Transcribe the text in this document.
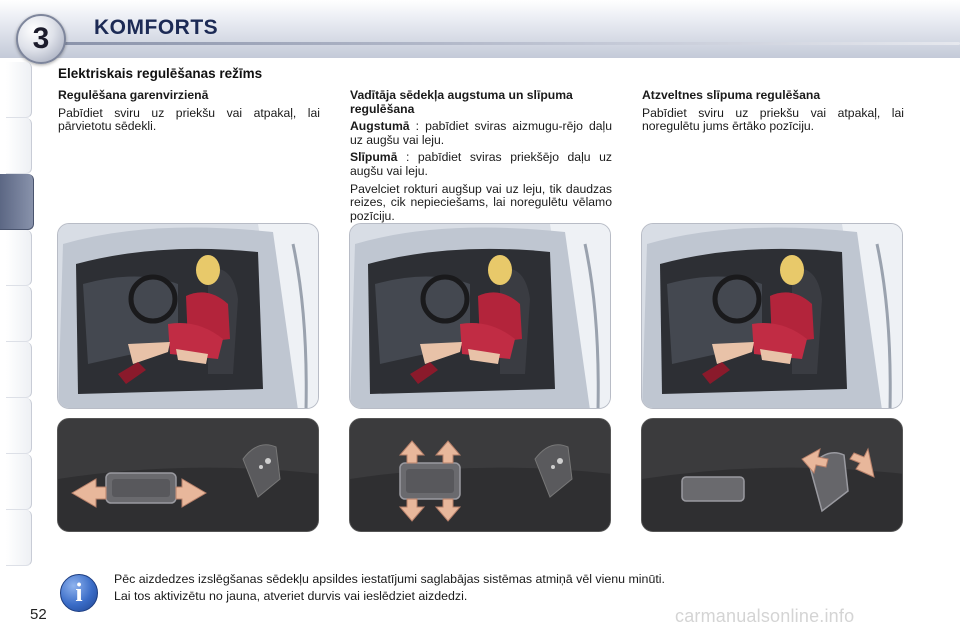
3	KOMFORTS
Elektriskais regulēšanas režīms
Regulēšana garenvirzienā

Pabīdiet sviru uz priekšu vai atpakaļ, lai pārvietotu sēdekli.

Vadītāja sēdekļa augstuma un slīpuma regulēšana

Augstumā : pabīdiet sviras aizmugu-rējo daļu uz augšu vai leju.

Slīpumā : pabīdiet sviras priekšējo daļu uz augšu vai leju.

Pavelciet rokturi augšup vai uz leju, tik daudzas reizes, cik nepieciešams, lai noregulētu vēlamo pozīciju.

Atzveltnes slīpuma regulēšana

Pabīdiet sviru uz priekšu vai atpakaļ, lai noregulētu jums ērtāko pozīciju.

i	Pēc aizdedzes izslēgšanas sēdekļu apsildes iestatījumi saglabājas sistēmas atmiņā vēl vienu minūti.
Lai tos aktivizētu no jauna, atveriet durvis vai ieslēdziet aizdedzi.
52	carmanualsonline.info
